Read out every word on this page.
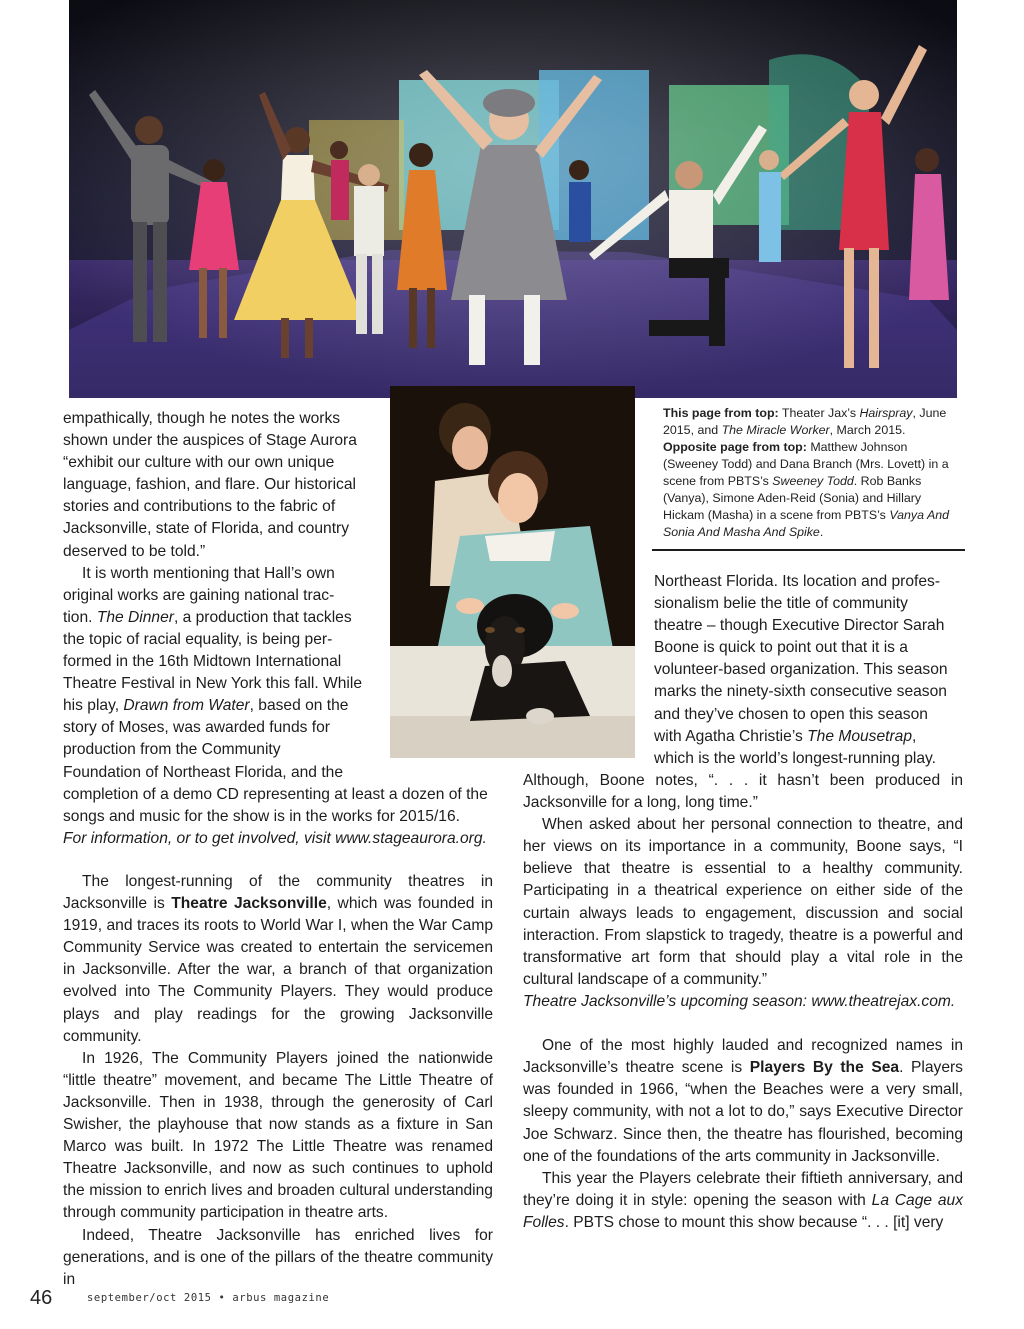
empathically, though he notes the works

shown under the auspices of Stage Aurora

“exhibit our culture with our own unique

language, fashion, and flare. Our historical

stories and contributions to the fabric of

Jacksonville, state of Florida, and country

deserved to be told.”

It is worth mentioning that Hall’s own

original works are gaining national trac-

tion. The Dinner, a production that tackles

the topic of racial equality, is being per-

formed in the 16th Midtown International

Theatre Festival in New York this fall. While

his play, Drawn from Water, based on the

story of Moses, was awarded funds for

production from the Community

Foundation of Northeast Florida, and the

completion of a demo CD representing at least a dozen of the

songs and music for the show is in the works for 2015/16.

For information, or to get involved, visit www.stageaurora.org.

The longest-running of the community theatres in Jacksonville is Theatre Jacksonville, which was founded in 1919, and traces its roots to World War I, when the War Camp Community Service was created to entertain the servicemen in Jacksonville. After the war, a branch of that organization evolved into The Community Players. They would produce plays and play readings for the growing Jacksonville community.

In 1926, The Community Players joined the nationwide “little theatre” movement, and became The Little Theatre of Jacksonville. Then in 1938, through the generosity of Carl Swisher, the playhouse that now stands as a fixture in San Marco was built. In 1972 The Little Theatre was renamed Theatre Jacksonville, and now as such continues to uphold the mission to enrich lives and broaden cultural understanding through community participation in theatre arts.

Indeed, Theatre Jacksonville has enriched lives for generations, and is one of the pillars of the theatre community in

This page from top: Theater Jax’s Hairspray, June 2015, and The Miracle Worker, March 2015.

Opposite page from top: Matthew Johnson (Sweeney Todd) and Dana Branch (Mrs. Lovett) in a scene from PBTS’s Sweeney Todd. Rob Banks (Vanya), Simone Aden-Reid (Sonia) and Hillary Hickam (Masha) in a scene from PBTS’s Vanya And Sonia And Masha And Spike.

Northeast Florida. Its location and profes-

sionalism belie the title of community

theatre – though Executive Director Sarah

Boone is quick to point out that it is a

volunteer-based organization. This season

marks the ninety-sixth consecutive season

and they’ve chosen to open this season

with Agatha Christie’s The Mousetrap,

which is the world’s longest-running play.

Although, Boone notes, “. . . it hasn’t been produced in Jacksonville for a long, long time.”

When asked about her personal connection to theatre, and her views on its importance in a community, Boone says, “I believe that theatre is essential to a healthy community. Participating in a theatrical experience on either side of the curtain always leads to engagement, discussion and social interaction. From slapstick to tragedy, theatre is a powerful and transformative art form that should play a vital role in the cultural landscape of a community.”

Theatre Jacksonville’s upcoming season: www.theatrejax.com.

One of the most highly lauded and recognized names in Jacksonville’s theatre scene is Players By the Sea. Players was founded in 1966, “when the Beaches were a very small, sleepy community, with not a lot to do,” says Executive Director Joe Schwarz. Since then, the theatre has flourished, becoming one of the foundations of the arts community in Jacksonville.

This year the Players celebrate their fiftieth anniversary, and they’re doing it in style: opening the season with La Cage aux Folles. PBTS chose to mount this show because “. . . [it] very

46	september/oct 2015 • arbus magazine
